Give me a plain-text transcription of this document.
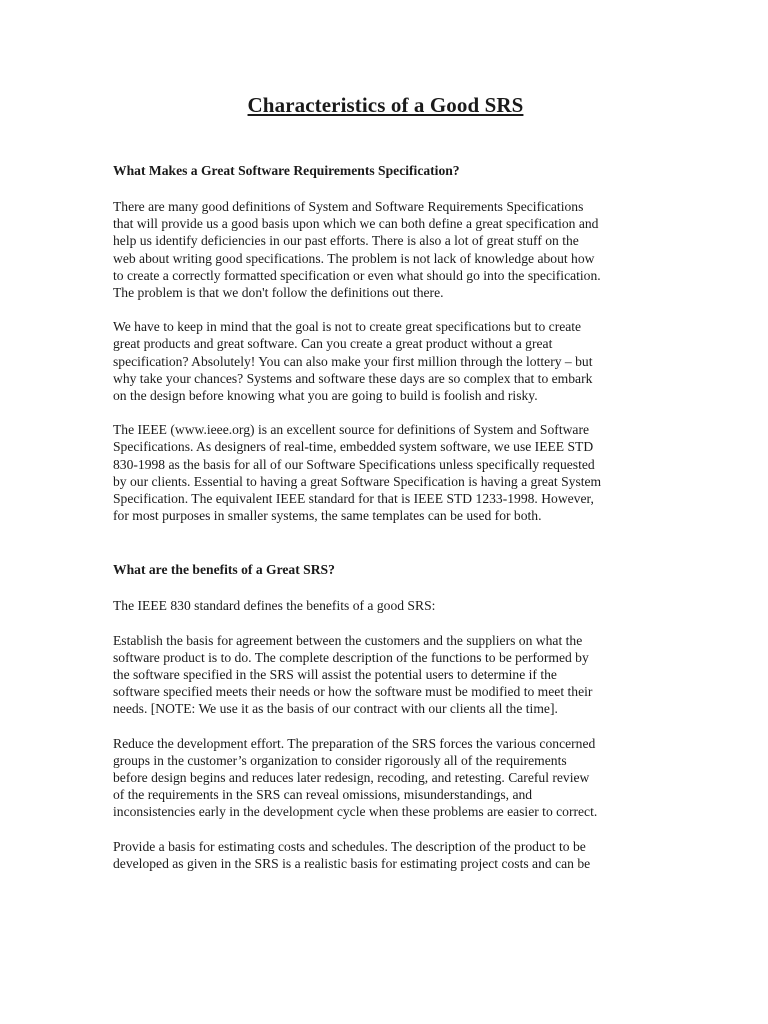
Characteristics of a Good SRS
What Makes a Great Software Requirements Specification?
There are many good definitions of System and Software Requirements Specifications
that will provide us a good basis upon which we can both define a great specification and
help us identify deficiencies in our past efforts. There is also a lot of great stuff on the
web about writing good specifications. The problem is not lack of knowledge about how
to create a correctly formatted specification or even what should go into the specification.
The problem is that we don't follow the definitions out there.
We have to keep in mind that the goal is not to create great specifications but to create
great products and great software. Can you create a great product without a great
specification? Absolutely! You can also make your first million through the lottery – but
why take your chances? Systems and software these days are so complex that to embark
on the design before knowing what you are going to build is foolish and risky.
The IEEE (www.ieee.org) is an excellent source for definitions of System and Software
Specifications. As designers of real-time, embedded system software, we use IEEE STD
830-1998 as the basis for all of our Software Specifications unless specifically requested
by our clients. Essential to having a great Software Specification is having a great System
Specification. The equivalent IEEE standard for that is IEEE STD 1233-1998. However,
for most purposes in smaller systems, the same templates can be used for both.
What are the benefits of a Great SRS?
The IEEE 830 standard defines the benefits of a good SRS:
Establish the basis for agreement between the customers and the suppliers on what the
software product is to do. The complete description of the functions to be performed by
the software specified in the SRS will assist the potential users to determine if the
software specified meets their needs or how the software must be modified to meet their
needs. [NOTE: We use it as the basis of our contract with our clients all the time].
Reduce the development effort. The preparation of the SRS forces the various concerned
groups in the customer’s organization to consider rigorously all of the requirements
before design begins and reduces later redesign, recoding, and retesting. Careful review
of the requirements in the SRS can reveal omissions, misunderstandings, and
inconsistencies early in the development cycle when these problems are easier to correct.
Provide a basis for estimating costs and schedules. The description of the product to be
developed as given in the SRS is a realistic basis for estimating project costs and can be
